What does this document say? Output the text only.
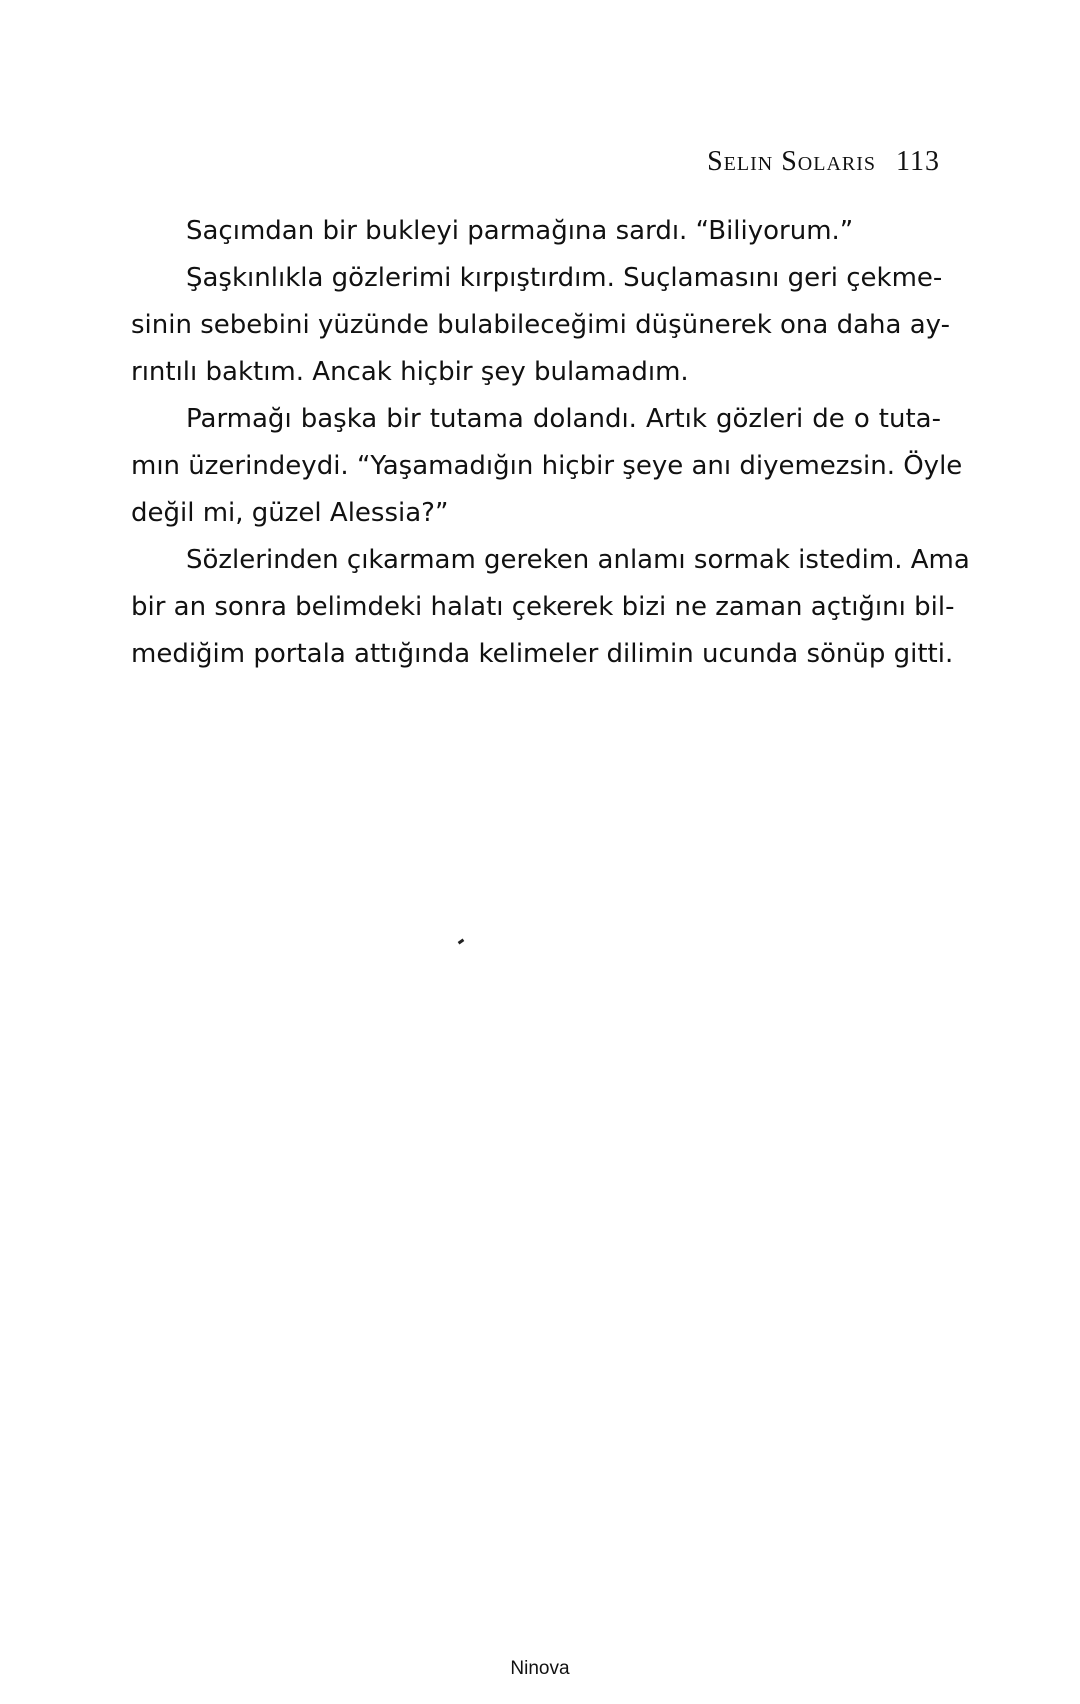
Selin Solaris 113
Saçımdan bir bukleyi parmağına sardı. “Biliyorum.”
Şaşkınlıkla gözlerimi kırpıştırdım. Suçlamasını geri çekme-
sinin sebebini yüzünde bulabileceğimi düşünerek ona daha ay-
rıntılı baktım. Ancak hiçbir şey bulamadım.
Parmağı başka bir tutama dolandı. Artık gözleri de o tuta-
mın üzerindeydi. “Yaşamadığın hiçbir şeye anı diyemezsin. Öyle
değil mi, güzel Alessia?”
Sözlerinden çıkarmam gereken anlamı sormak istedim. Ama
bir an sonra belimdeki halatı çekerek bizi ne zaman açtığını bil-
mediğim portala attığında kelimeler dilimin ucunda sönüp gitti.
Ninova
